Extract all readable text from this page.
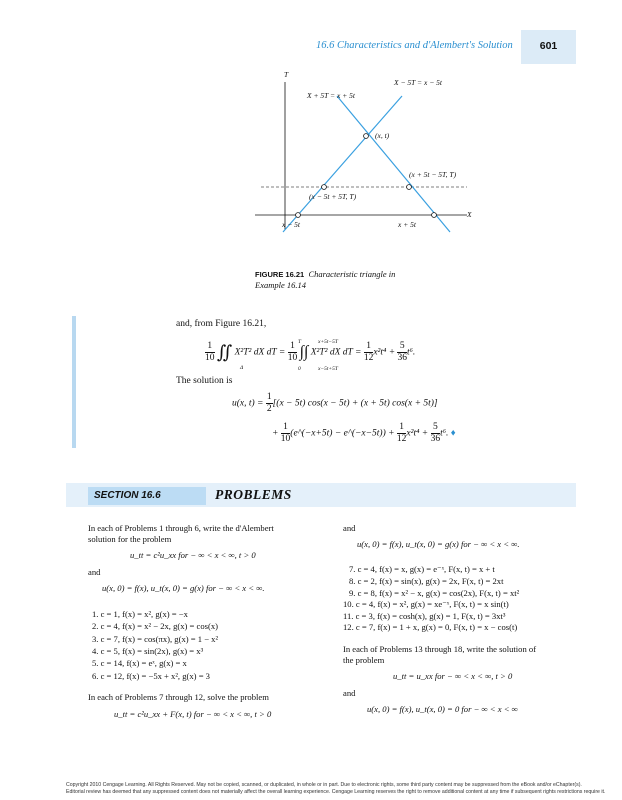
16.6 Characteristics and d'Alembert's Solution	601
T
X
X − 5T = x − 5t
X + 5T = x + 5t
(x, t)
(x + 5t − 5T, T)
(x − 5t + 5T, T)
x − 5t	x + 5t
FIGURE 16.21 Characteristic triangle in
Example 16.14
and, from Figure 16.21,
$\frac{1}{10}$ ∬ X²T² dX dT = $\frac{1}{10}$ ∫∫ X²T² dX dT = $\frac{1}{12} x^2t^4 + \frac{5}{36} t^6$.
Δ
T
0
x+5t−5T
x−5t+5T
The solution is
u(x, $t) = \frac{1}{2} [(x - 5t) \cos(x - 5t) + (x + 5t) \cos(x + 5t)]$
+ $\frac{1}{10}$ (e^(−x+5t) − e^(−x−5t)) + $\frac{1}{12} x^2t^4 + \frac{5}{36} t^6$. ♦
SECTION 16.6	PROBLEMS

In each of Problems 1 through 6, write the d'Alembert

solution for the problem

u_tt = c²u_xx for − ∞ < x < ∞, t > 0

and

u(x, 0) = f(x), u_t(x, 0) = g(x) for − ∞ < x < ∞.

1. c = 1, f(x) = x², g(x) = −x

2. c = 4, f(x) = x² − 2x, g(x) = cos(x)

3. c = 7, f(x) = cos(πx), g(x) = 1 − x²

4. c = 5, f(x) = sin(2x), g(x) = x³

5. c = 14, f(x) = eˣ, g(x) = x

6. c = 12, f(x) = −5x + x², g(x) = 3

In each of Problems 7 through 12, solve the problem

u_tt = c²u_xx + F(x, t) for − ∞ < x < ∞, t > 0

and

u(x, 0) = f(x), u_t(x, 0) = g(x) for − ∞ < x < ∞.

7. c = 4, f(x) = x, g(x) = e⁻ˣ, F(x, t) = x + t

8. c = 2, f(x) = sin(x), g(x) = 2x, F(x, t) = 2xt

9. c = 8, f(x) = x² − x, g(x) = cos(2x), F(x, t) = xt²

10. c = 4, f(x) = x², g(x) = xe⁻ˣ, F(x, t) = x sin(t)

11. c = 3, f(x) = cosh(x), g(x) = 1, F(x, t) = 3xt³

12. c = 7, f(x) = 1 + x, g(x) = 0, F(x, t) = x − cos(t)

In each of Problems 13 through 18, write the solution of

the problem

u_tt = u_xx for − ∞ < x < ∞, t > 0

and

u(x, 0) = f(x), u_t(x, 0) = 0 for − ∞ < x < ∞

Copyright 2010 Cengage Learning. All Rights Reserved. May not be copied, scanned, or duplicated, in whole or in part. Due to electronic rights, some third party content may be suppressed from the eBook and/or eChapter(s).
Editorial review has deemed that any suppressed content does not materially affect the overall learning experience. Cengage Learning reserves the right to remove additional content at any time if subsequent rights restrictions require it.
